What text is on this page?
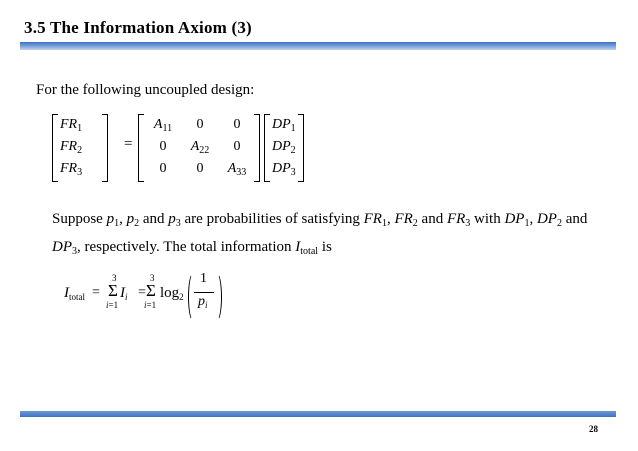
3.5 The Information Axiom (3)
For the following uncoupled design:
$FR_1$
$FR_2$
$FR_3$
=
$A_{11}$	0	0
0	$A_{22}$	0
0	0	$A_{33}$
$DP_1$
$DP_2$
$DP_3$
Suppose $p_1$, $p_2$ and $p_3$ are probabilities of satisfying $FR_1$, $FR_2$ and $FR_3$ with $DP_1$, $DP_2$ and
$DP_3$, respectively. The total information $I_{total}$ is
$I_{total}$ =
3
Σ
i=1
$I_i$ =
3
Σ
i=1
$\log_2$
1
$p_i$
28
